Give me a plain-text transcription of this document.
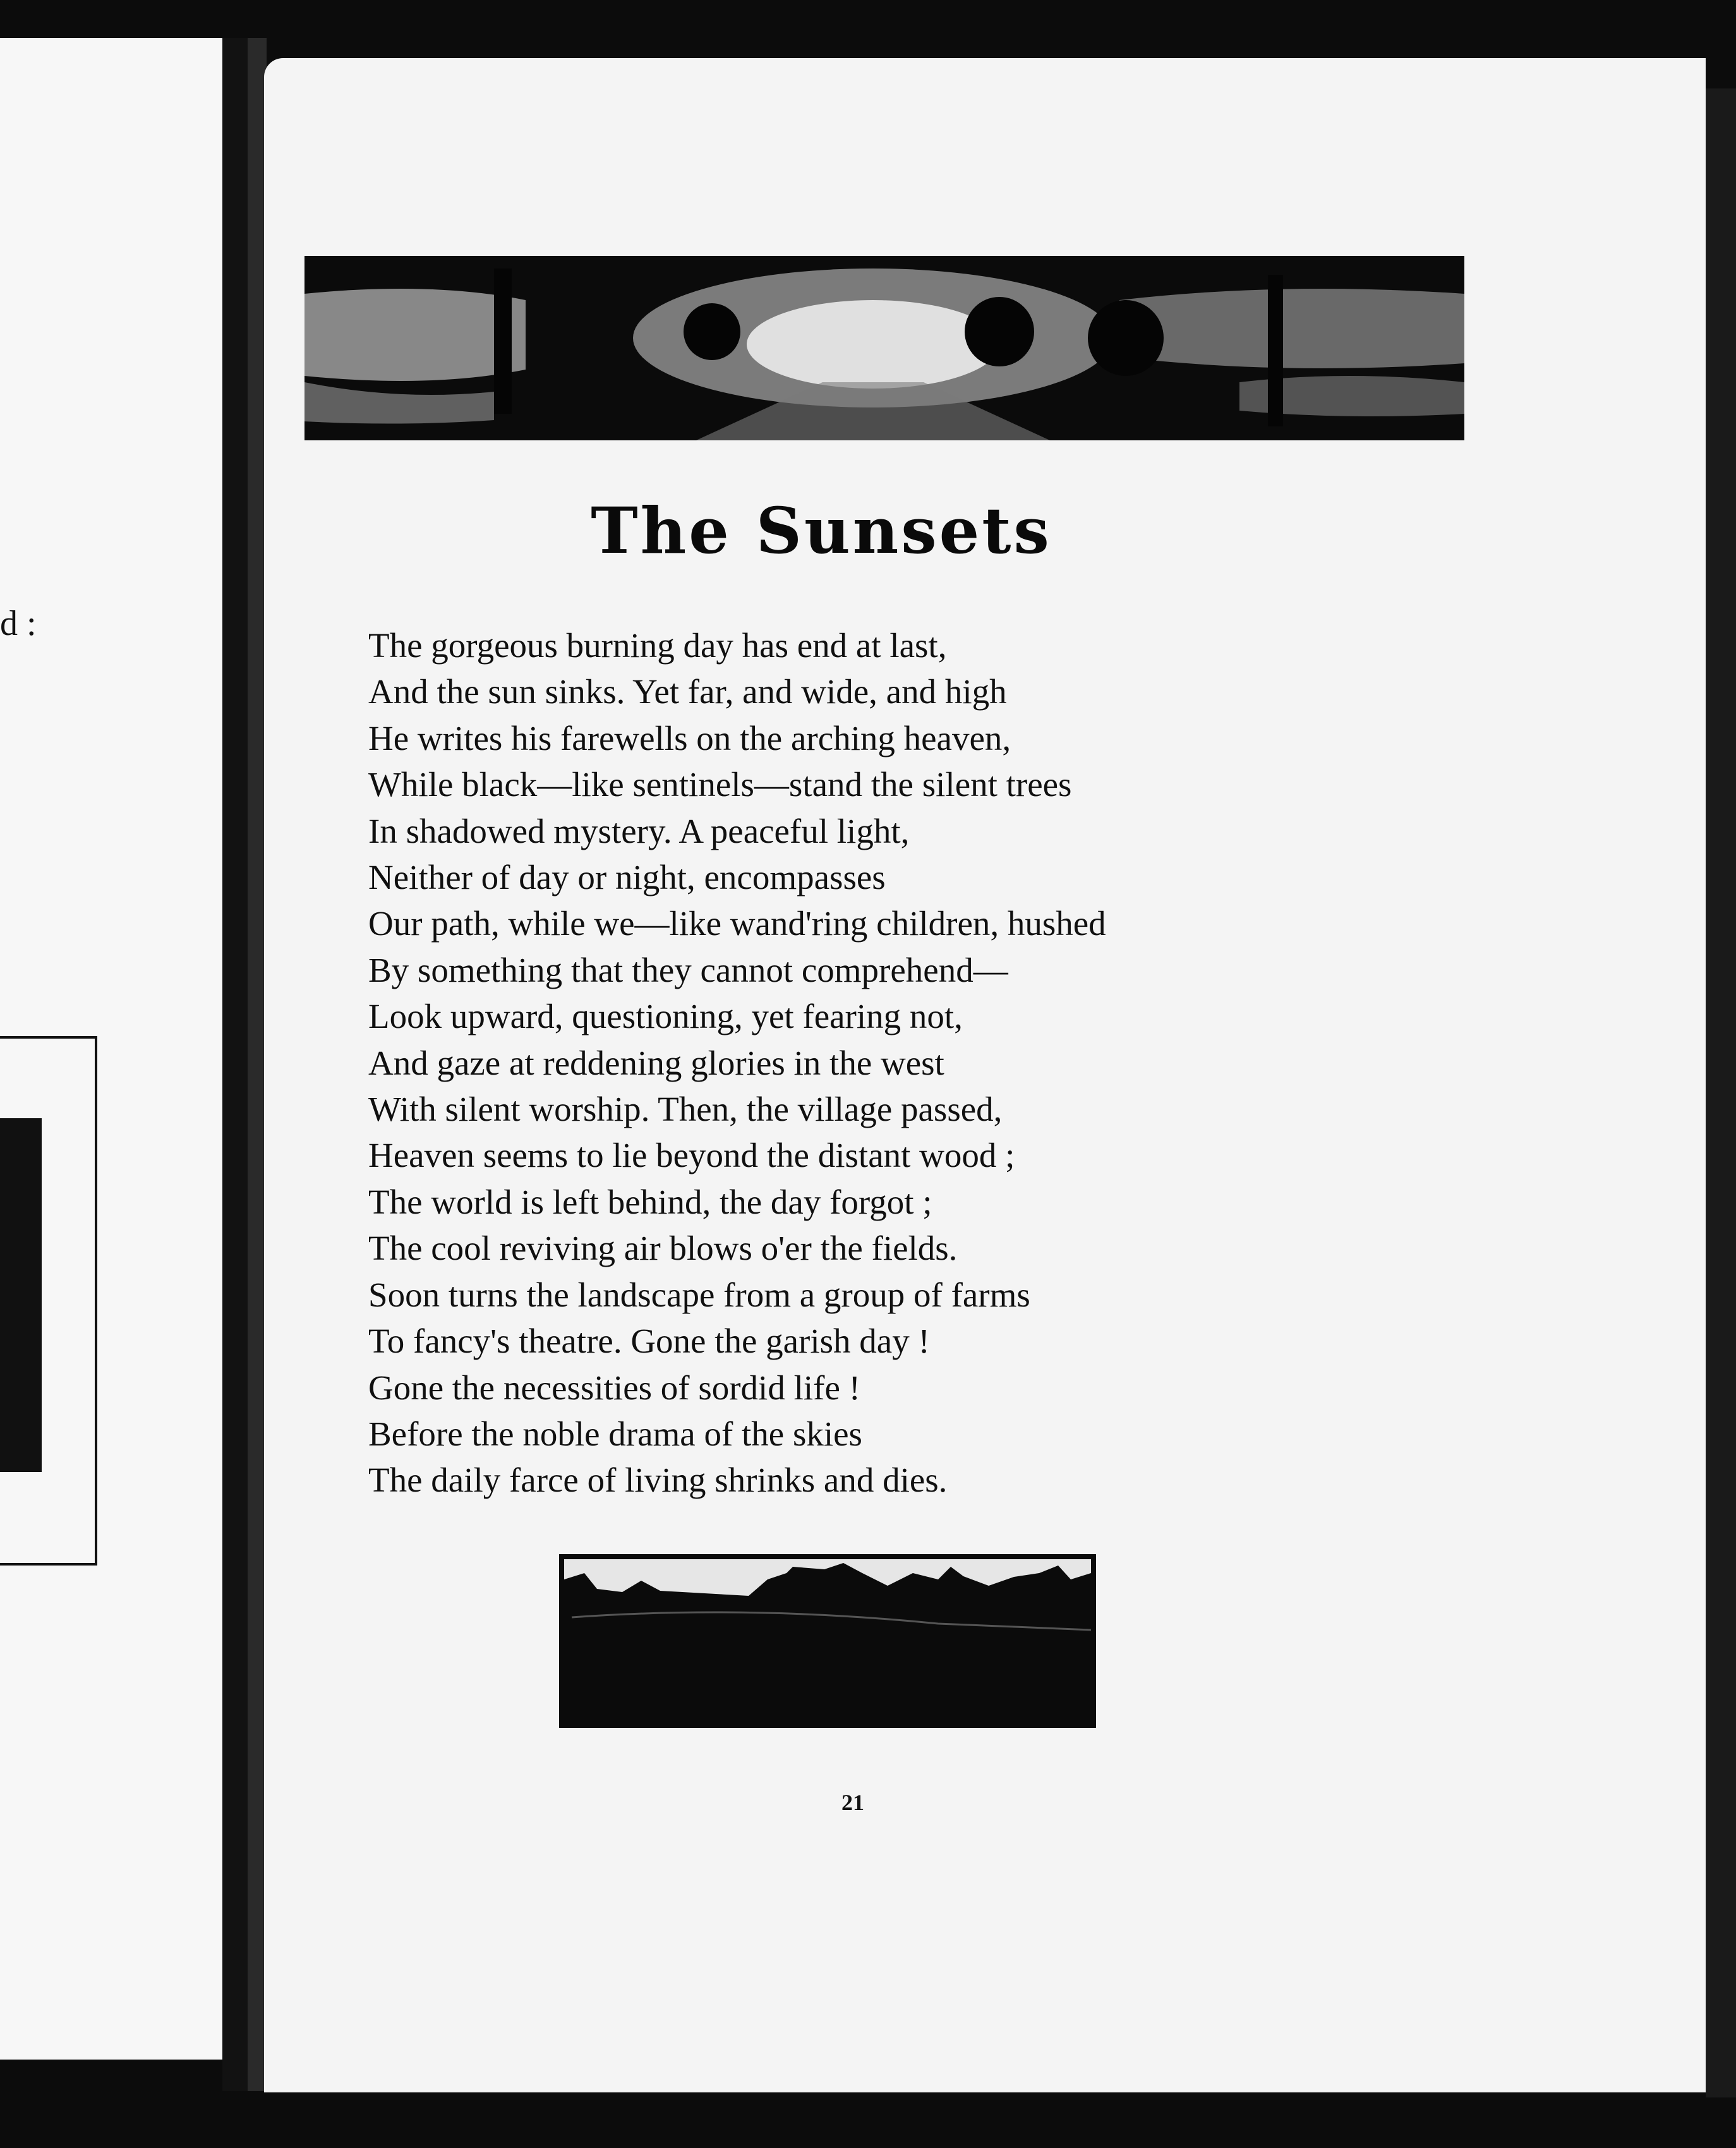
d :
The Sunsets
The gorgeous burning day has end at last,
And the sun sinks. Yet far, and wide, and high
He writes his farewells on the arching heaven,
While black—like sentinels—stand the silent trees
In shadowed mystery. A peaceful light,
Neither of day or night, encompasses
Our path, while we—like wand'ring children, hushed
By something that they cannot comprehend—
Look upward, questioning, yet fearing not,
And gaze at reddening glories in the west
With silent worship. Then, the village passed,
Heaven seems to lie beyond the distant wood ;
The world is left behind, the day forgot ;
The cool reviving air blows o'er the fields.
Soon turns the landscape from a group of farms
To fancy's theatre. Gone the garish day !
Gone the necessities of sordid life !
Before the noble drama of the skies
The daily farce of living shrinks and dies.
21
